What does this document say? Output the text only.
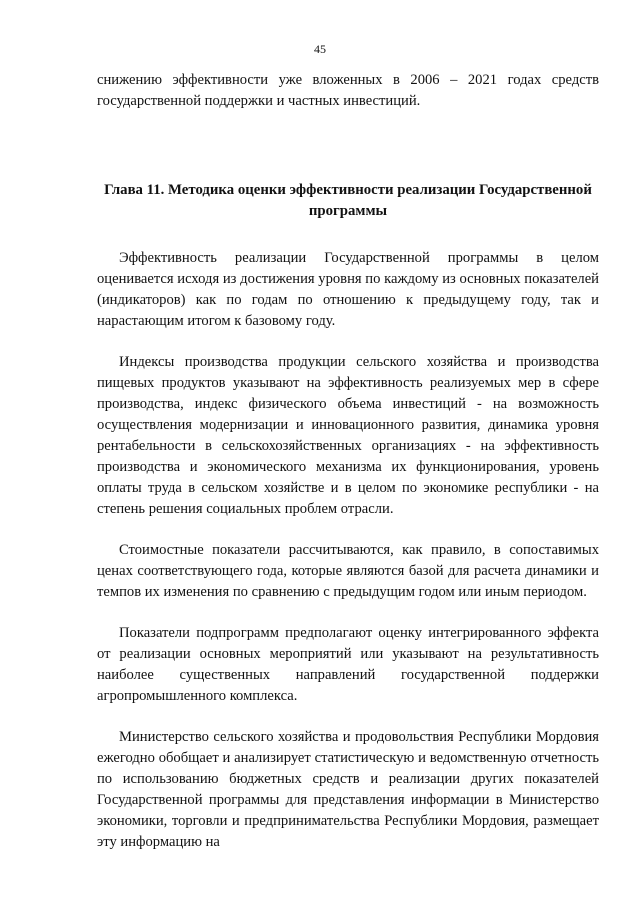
45
снижению эффективности уже вложенных в 2006 – 2021 годах средств государственной поддержки и частных инвестиций.
Глава 11. Методика оценки эффективности реализации Государственной программы

Эффективность реализации Государственной программы в целом оценивается исходя из достижения уровня по каждому из основных показателей (индикаторов) как по годам по отношению к предыдущему году, так и нарастающим итогом к базовому году.

Индексы производства продукции сельского хозяйства и производства пищевых продуктов указывают на эффективность реализуемых мер в сфере производства, индекс физического объема инвестиций - на возможность осуществления модернизации и инновационного развития, динамика уровня рентабельности в сельскохозяйственных организациях - на эффективность производства и экономического механизма их функционирования, уровень оплаты труда в сельском хозяйстве и в целом по экономике республики - на степень решения социальных проблем отрасли.

Стоимостные показатели рассчитываются, как правило, в сопоставимых ценах соответствующего года, которые являются базой для расчета динамики и темпов их изменения по сравнению с предыдущим годом или иным периодом.

Показатели подпрограмм предполагают оценку интегрированного эффекта от реализации основных мероприятий или указывают на результативность наиболее существенных направлений государственной поддержки агропромышленного комплекса.

Министерство сельского хозяйства и продовольствия Республики Мордовия ежегодно обобщает и анализирует статистическую и ведомственную отчетность по использованию бюджетных средств и реализации других показателей Государственной программы для представления информации в Министерство экономики, торговли и предпринимательства Республики Мордовия, размещает эту информацию на
